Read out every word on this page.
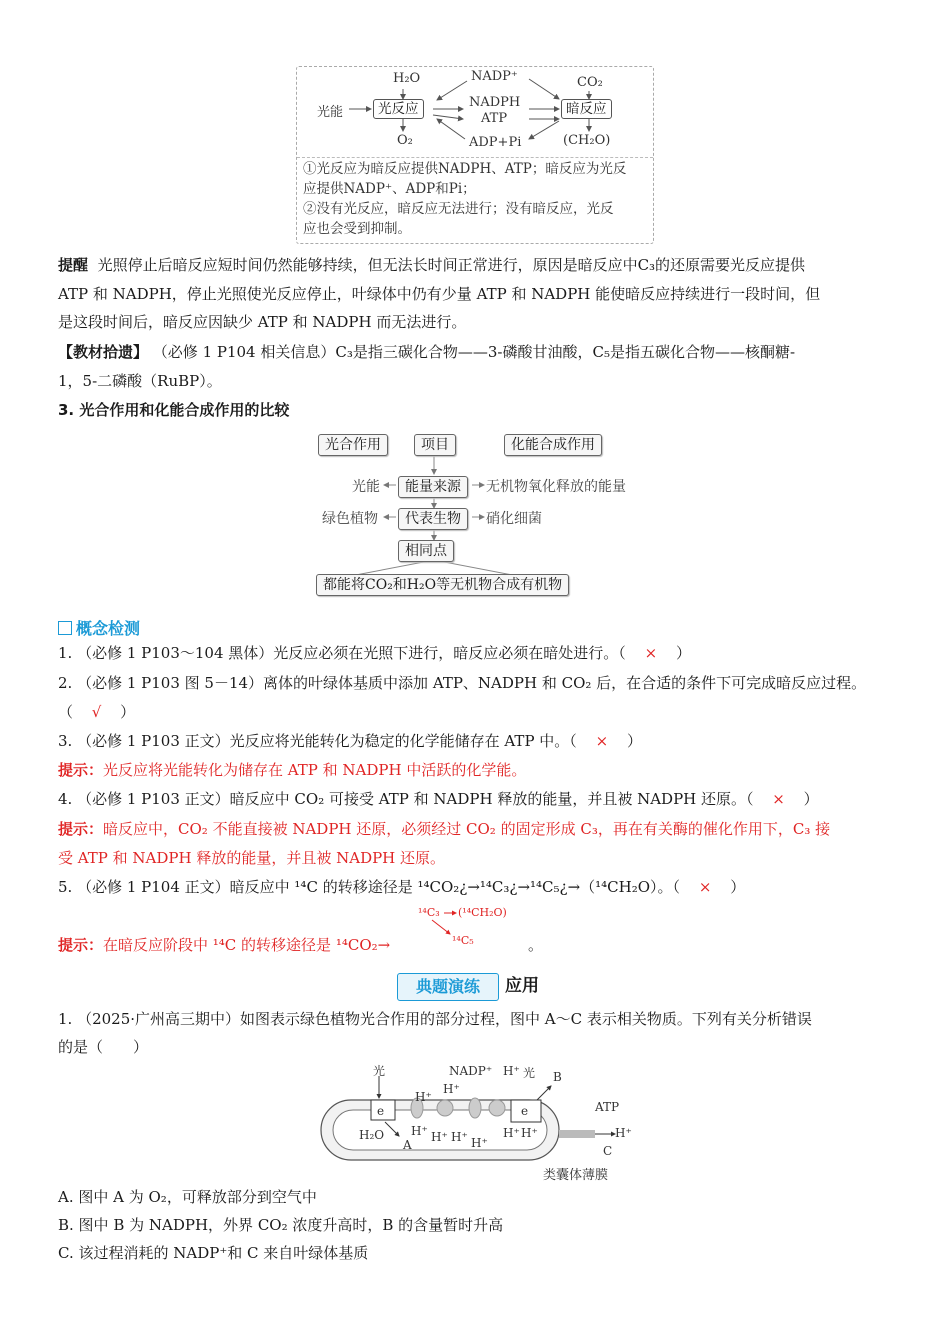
H₂O
光能	光反应
O₂
NADP⁺
NADPH
ATP
ADP+Pi
CO₂
暗反应
(CH₂O)
①光反应为暗反应提供NADPH、ATP；暗反应为光反
应提供NADP⁺、ADP和Pi；
②没有光反应，暗反应无法进行；没有暗反应，光反
应也会受到抑制。
提醒 光照停止后暗反应短时间仍然能够持续，但无法长时间正常进行，原因是暗反应中C₃的还原需要光反应提供
ATP 和 NADPH，停止光照使光反应停止，叶绿体中仍有少量 ATP 和 NADPH 能使暗反应持续进行一段时间，但
是这段时间后，暗反应因缺少 ATP 和 NADPH 而无法进行。
【教材拾遗】 （必修 1 P104 相关信息）C₃是指三碳化合物——3-磷酸甘油酸，C₅是指五碳化合物——核酮糖-
1，5-二磷酸（RuBP）。
3. 光合作用和化能合成作用的比较
光合作用	项目	化能合成作用
光能	能量来源	无机物氧化释放的能量
绿色植物	代表生物	硝化细菌
相同点
都能将CO₂和H₂O等无机物合成有机物
概念检测
1. （必修 1 P103～104 黑体）光反应必须在光照下进行，暗反应必须在暗处进行。（ × ）
2. （必修 1 P103 图 5－14）离体的叶绿体基质中添加 ATP、NADPH 和 CO₂ 后，在合适的条件下可完成暗反应过程。
（ √ ）
3. （必修 1 P103 正文）光反应将光能转化为稳定的化学能储存在 ATP 中。（ × ）
提示：光反应将光能转化为储存在 ATP 和 NADPH 中活跃的化学能。
4. （必修 1 P103 正文）暗反应中 CO₂ 可接受 ATP 和 NADPH 释放的能量，并且被 NADPH 还原。（ × ）
提示：暗反应中，CO₂ 不能直接被 NADPH 还原，必须经过 CO₂ 的固定形成 C₃，再在有关酶的催化作用下，C₃ 接
受 ATP 和 NADPH 释放的能量，并且被 NADPH 还原。
5. （必修 1 P104 正文）暗反应中 ¹⁴C 的转移途径是 ¹⁴CO₂¿→¹⁴C₃¿→¹⁴C₅¿→（¹⁴CH₂O）。（ × ）
¹⁴C₃ (¹⁴CH₂O)
¹⁴C₅
提示：在暗反应阶段中 ¹⁴C 的转移途径是 ¹⁴CO₂→	。
典题演练	应用
1. （2025·广州高三期中）如图表示绿色植物光合作用的部分过程，图中 A～C 表示相关物质。下列有关分析错误
的是（　　）
光	NADP⁺ H⁺ 光 B
e	e
H⁺
H⁺
H₂O H⁺
A
H⁺ H⁺ H⁺
H⁺ H⁺
ATP
H⁺
C
类囊体薄膜
A. 图中 A 为 O₂，可释放部分到空气中
B. 图中 B 为 NADPH，外界 CO₂ 浓度升高时，B 的含量暂时升高
C. 该过程消耗的 NADP⁺和 C 来自叶绿体基质
